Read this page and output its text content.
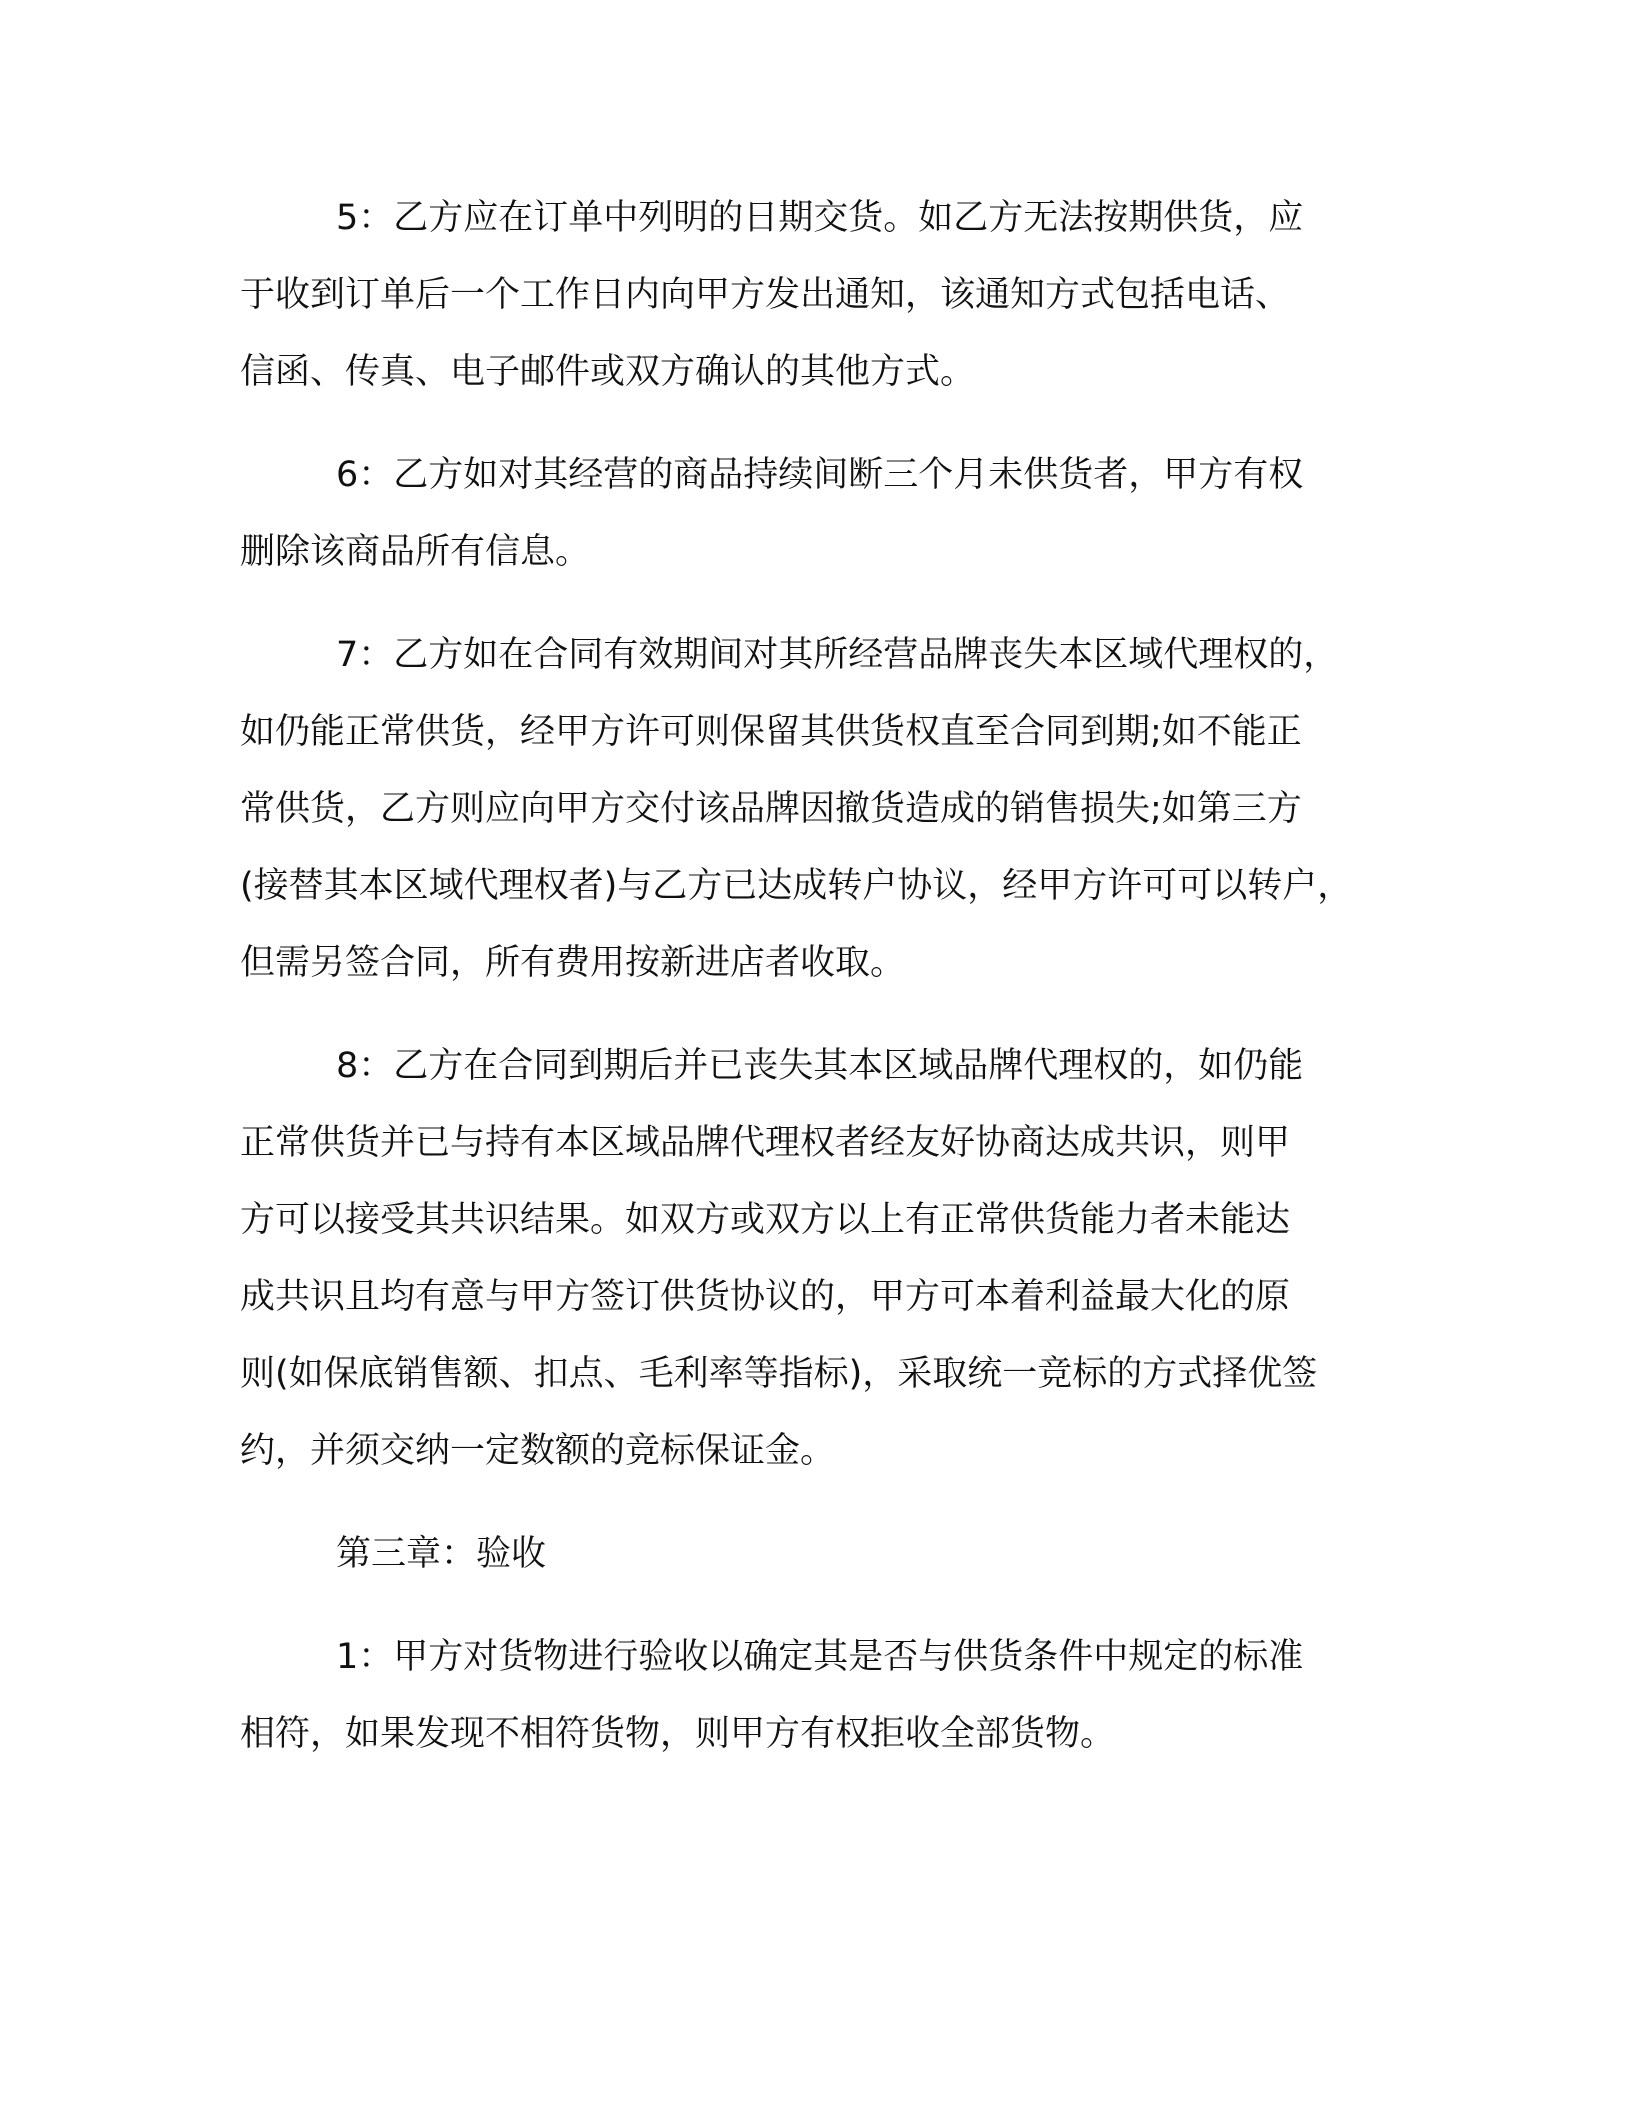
5：乙方应在订单中列明的日期交货。如乙方无法按期供货，应
于收到订单后一个工作日内向甲方发出通知，该通知方式包括电话、
信函、传真、电子邮件或双方确认的其他方式。
6：乙方如对其经营的商品持续间断三个月未供货者，甲方有权
删除该商品所有信息。
7：乙方如在合同有效期间对其所经营品牌丧失本区域代理权的，
如仍能正常供货，经甲方许可则保留其供货权直至合同到期;如不能正
常供货，乙方则应向甲方交付该品牌因撤货造成的销售损失;如第三方
(接替其本区域代理权者)与乙方已达成转户协议，经甲方许可可以转户，
但需另签合同，所有费用按新进店者收取。
8：乙方在合同到期后并已丧失其本区域品牌代理权的，如仍能
正常供货并已与持有本区域品牌代理权者经友好协商达成共识，则甲
方可以接受其共识结果。如双方或双方以上有正常供货能力者未能达
成共识且均有意与甲方签订供货协议的，甲方可本着利益最大化的原
则(如保底销售额、扣点、毛利率等指标)，采取统一竞标的方式择优签
约，并须交纳一定数额的竞标保证金。
第三章：验收
1：甲方对货物进行验收以确定其是否与供货条件中规定的标准
相符，如果发现不相符货物，则甲方有权拒收全部货物。
